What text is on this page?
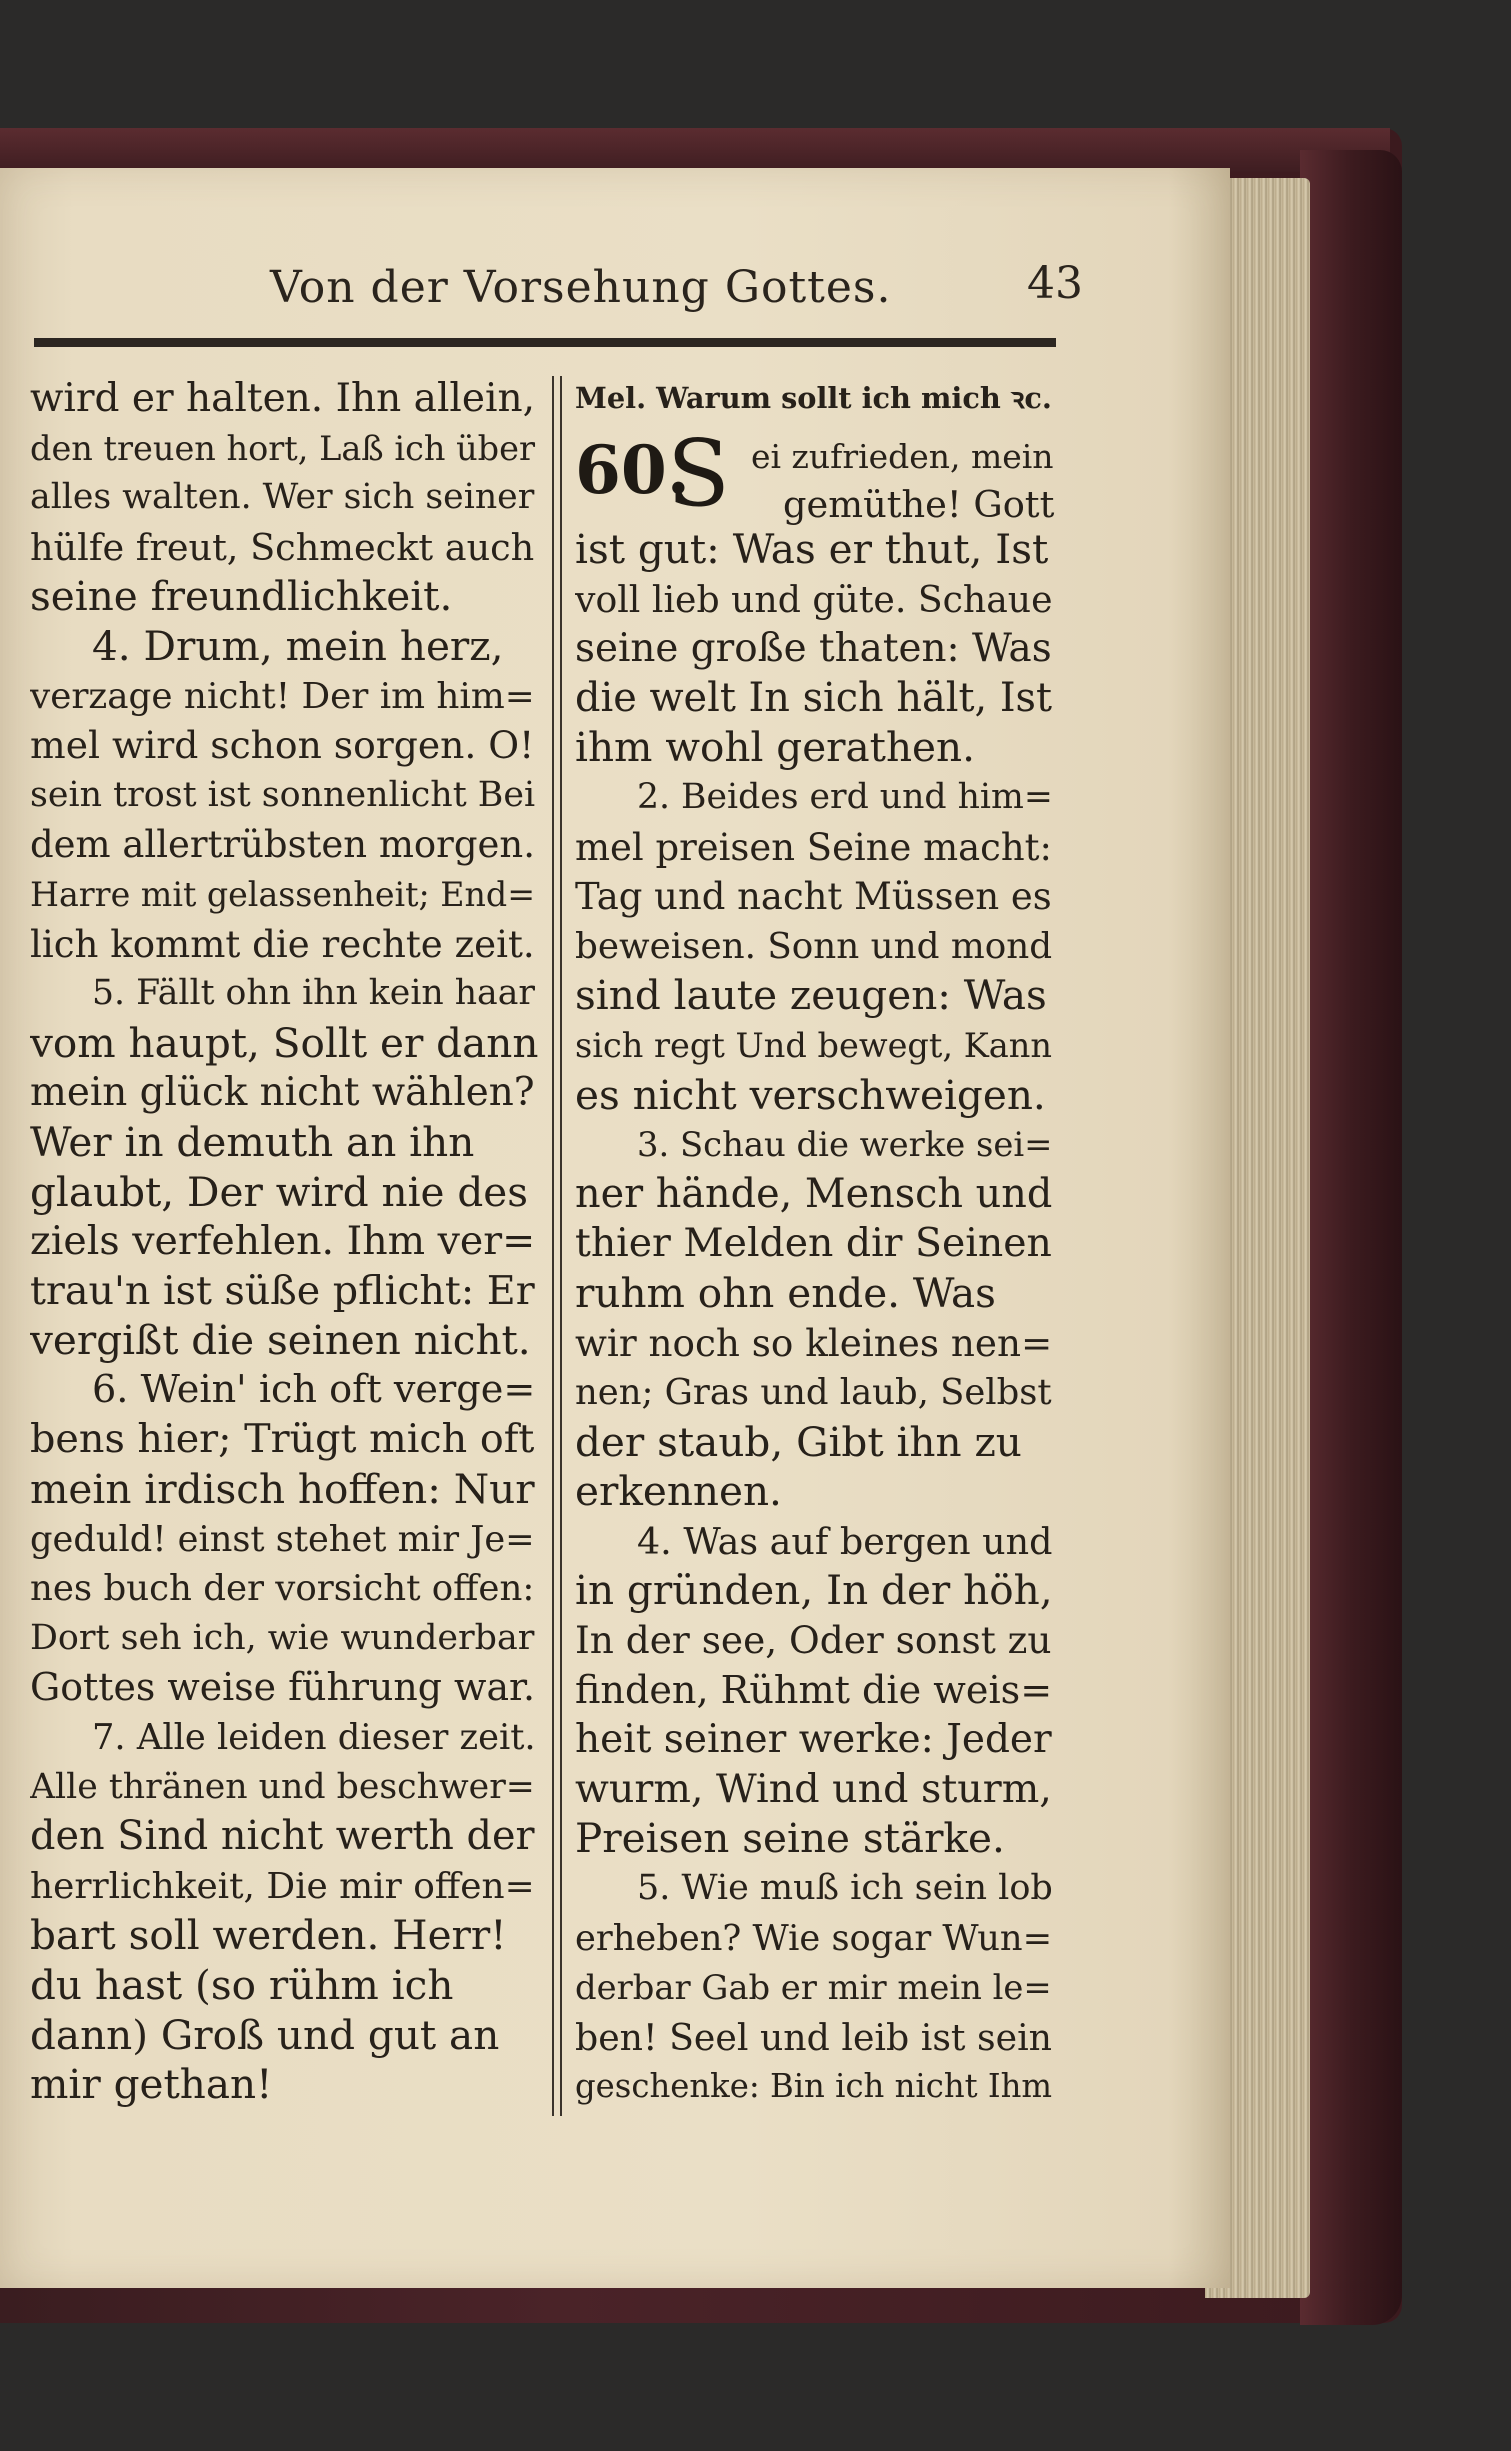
Von der Vorsehung Gottes.	43
wird er halten. Ihn allein,
den treuen hort, Laß ich über
alles walten. Wer sich seiner
hülfe freut, Schmeckt auch
seine freundlichkeit.
4. Drum, mein herz,
verzage nicht! Der im him=
mel wird schon sorgen. O!
sein trost ist sonnenlicht Bei
dem allertrübsten morgen.
Harre mit gelassenheit; End=
lich kommt die rechte zeit.
5. Fällt ohn ihn kein haar
vom haupt, Sollt er dann
mein glück nicht wählen?
Wer in demuth an ihn
glaubt, Der wird nie des
ziels verfehlen. Ihm ver=
trau'n ist süße pflicht: Er
vergißt die seinen nicht.
6. Wein' ich oft verge=
bens hier; Trügt mich oft
mein irdisch hoffen: Nur
geduld! einst stehet mir Je=
nes buch der vorsicht offen:
Dort seh ich, wie wunderbar
Gottes weise führung war.
7. Alle leiden dieser zeit.
Alle thränen und beschwer=
den Sind nicht werth der
herrlichkeit, Die mir offen=
bart soll werden. Herr!
du hast (so rühm ich
dann) Groß und gut an
mir gethan!
Mel. Warum sollt ich mich ꝛc.
60.
S ei zufrieden, mein
gemüthe! Gott
ist gut: Was er thut, Ist
voll lieb und güte. Schaue
seine große thaten: Was
die welt In sich hält, Ist
ihm wohl gerathen.
2. Beides erd und him=
mel preisen Seine macht:
Tag und nacht Müssen es
beweisen. Sonn und mond
sind laute zeugen: Was
sich regt Und bewegt, Kann
es nicht verschweigen.
3. Schau die werke sei=
ner hände, Mensch und
thier Melden dir Seinen
ruhm ohn ende. Was
wir noch so kleines nen=
nen; Gras und laub, Selbst
der staub, Gibt ihn zu
erkennen.
4. Was auf bergen und
in gründen, In der höh,
In der see, Oder sonst zu
finden, Rühmt die weis=
heit seiner werke: Jeder
wurm, Wind und sturm,
Preisen seine stärke.
5. Wie muß ich sein lob
erheben? Wie sogar Wun=
derbar Gab er mir mein le=
ben! Seel und leib ist sein
geschenke: Bin ich nicht Ihm
